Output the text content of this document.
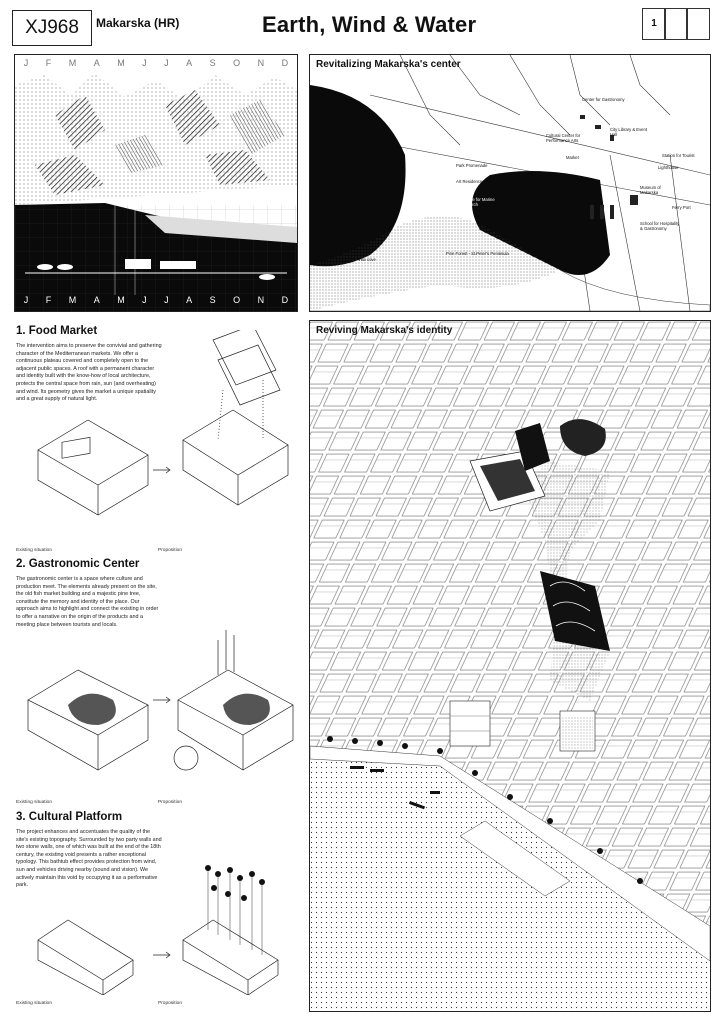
XJ968	Makarska (HR)	Earth, Wind & Water	1
J F M A M J J A S O N D
J F M A M J J A S O N D
Revitalizing Makarska's center
Center for Gastronomy
City Library & Event Hall
Cultural Center for Performance Arts
Market
Lighthouse
Museum of Makarska
Park Promenade
Art Residence
Institute for Marine Research
Villa cove
Pine Forest - St.Peter's Peninsula
School for Hospitality & Gastronomy
Station for Tourist
Ferry Port
1. Food Market
The intervention aims to preserve the convivial and gathering character of the Mediterranean markets. We offer a continuous plateau covered and completely open to the adjacent public spaces. A roof with a permanent character and identity built with the know-how of local architecture, protects the central space from rain, sun (and overheating) and wind. Its geometry gives the market a unique spatiality and a great supply of natural light.
Existing situation	Proposition
2. Gastronomic Center
The gastronomic center is a space where culture and production meet. The elements already present on the site, the old fish market building and a majestic pine tree, constitute the memory and identity of the place. Our approach aims to highlight and connect the existing in order to offer a narrative on the origin of the products and a meeting place between tourists and locals.
Existing situation	Proposition
3. Cultural Platform
The project enhances and accentuates the quality of the site's existing topography. Surrounded by two party walls and two stone walls, one of which was built at the end of the 18th century, the existing void presents a rather exceptional typology. This bathtub effect provides protection from wind, sun and vehicles driving nearby (sound and vision). We actively maintain this void by occupying it as a performative park.
Existing situation	Proposition
Reviving Makarska's identity
